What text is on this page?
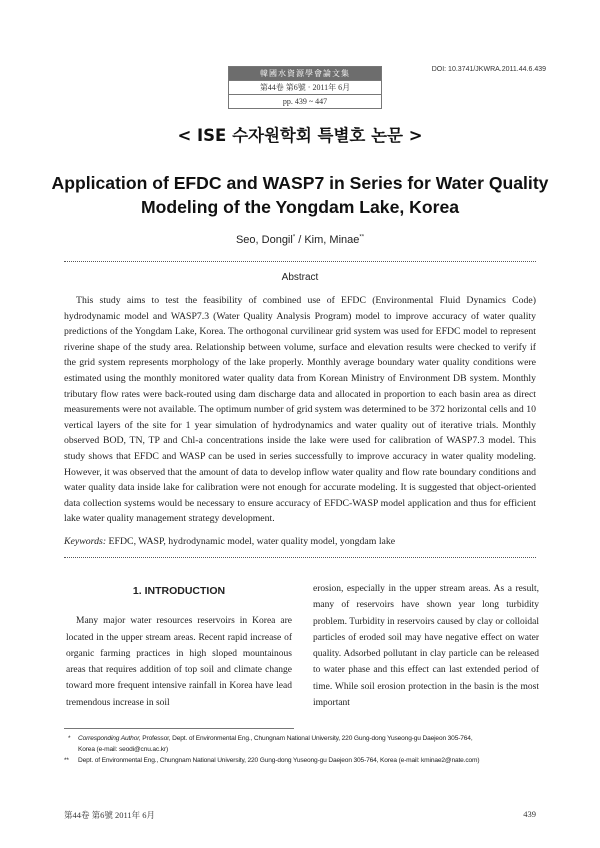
韓國水資源學會論文集
第44卷 第6號 · 2011年 6月
pp. 439 ~ 447
DOI: 10.3741/JKWRA.2011.44.6.439
< ISE 수자원학회 특별호 논문 >
Application of EFDC and WASP7 in Series for Water Quality Modeling of the Yongdam Lake, Korea
Seo, Dongil* / Kim, Minae**
Abstract
This study aims to test the feasibility of combined use of EFDC (Environmental Fluid Dynamics Code) hydrodynamic model and WASP7.3 (Water Quality Analysis Program) model to improve accuracy of water quality predictions of the Yongdam Lake, Korea. The orthogonal curvilinear grid system was used for EFDC model to represent riverine shape of the study area. Relationship between volume, surface and elevation results were checked to verify if the grid system represents morphology of the lake properly. Monthly average boundary water quality conditions were estimated using the monthly monitored water quality data from Korean Ministry of Environment DB system. Monthly tributary flow rates were back-routed using dam discharge data and allocated in proportion to each basin area as direct measurements were not available. The optimum number of grid system was determined to be 372 horizontal cells and 10 vertical layers of the site for 1 year simulation of hydrodynamics and water quality out of iterative trials. Monthly observed BOD, TN, TP and Chl-a concentrations inside the lake were used for calibration of WASP7.3 model. This study shows that EFDC and WASP can be used in series successfully to improve accuracy in water quality modeling. However, it was observed that the amount of data to develop inflow water quality and flow rate boundary conditions and water quality data inside lake for calibration were not enough for accurate modeling. It is suggested that object-oriented data collection systems would be necessary to ensure accuracy of EFDC-WASP model application and thus for efficient lake water quality management strategy development.
Keywords: EFDC, WASP, hydrodynamic model, water quality model, yongdam lake
1. INTRODUCTION

Many major water resources reservoirs in Korea are located in the upper stream areas. Recent rapid increase of organic farming practices in high sloped mountainous areas that requires addition of top soil and climate change toward more frequent intensive rainfall in Korea have lead tremendous increase in soil

erosion, especially in the upper stream areas. As a result, many of reservoirs have shown year long turbidity problem. Turbidity in reservoirs caused by clay or colloidal particles of eroded soil may have negative effect on water quality. Adsorbed pollutant in clay particle can be released to water phase and this effect can last extended period of time. While soil erosion protection in the basin is the most important

* Corresponding Author, Professor, Dept. of Environmental Eng., Chungnam National University, 220 Gung-dong Yuseong-gu Daejeon 305-764,
Korea (e-mail: seodi@cnu.ac.kr)
** Dept. of Environmental Eng., Chungnam National University, 220 Gung-dong Yuseong-gu Daejeon 305-764, Korea (e-mail: kminae2@nate.com)
第44卷 第6號 2011年 6月	439
